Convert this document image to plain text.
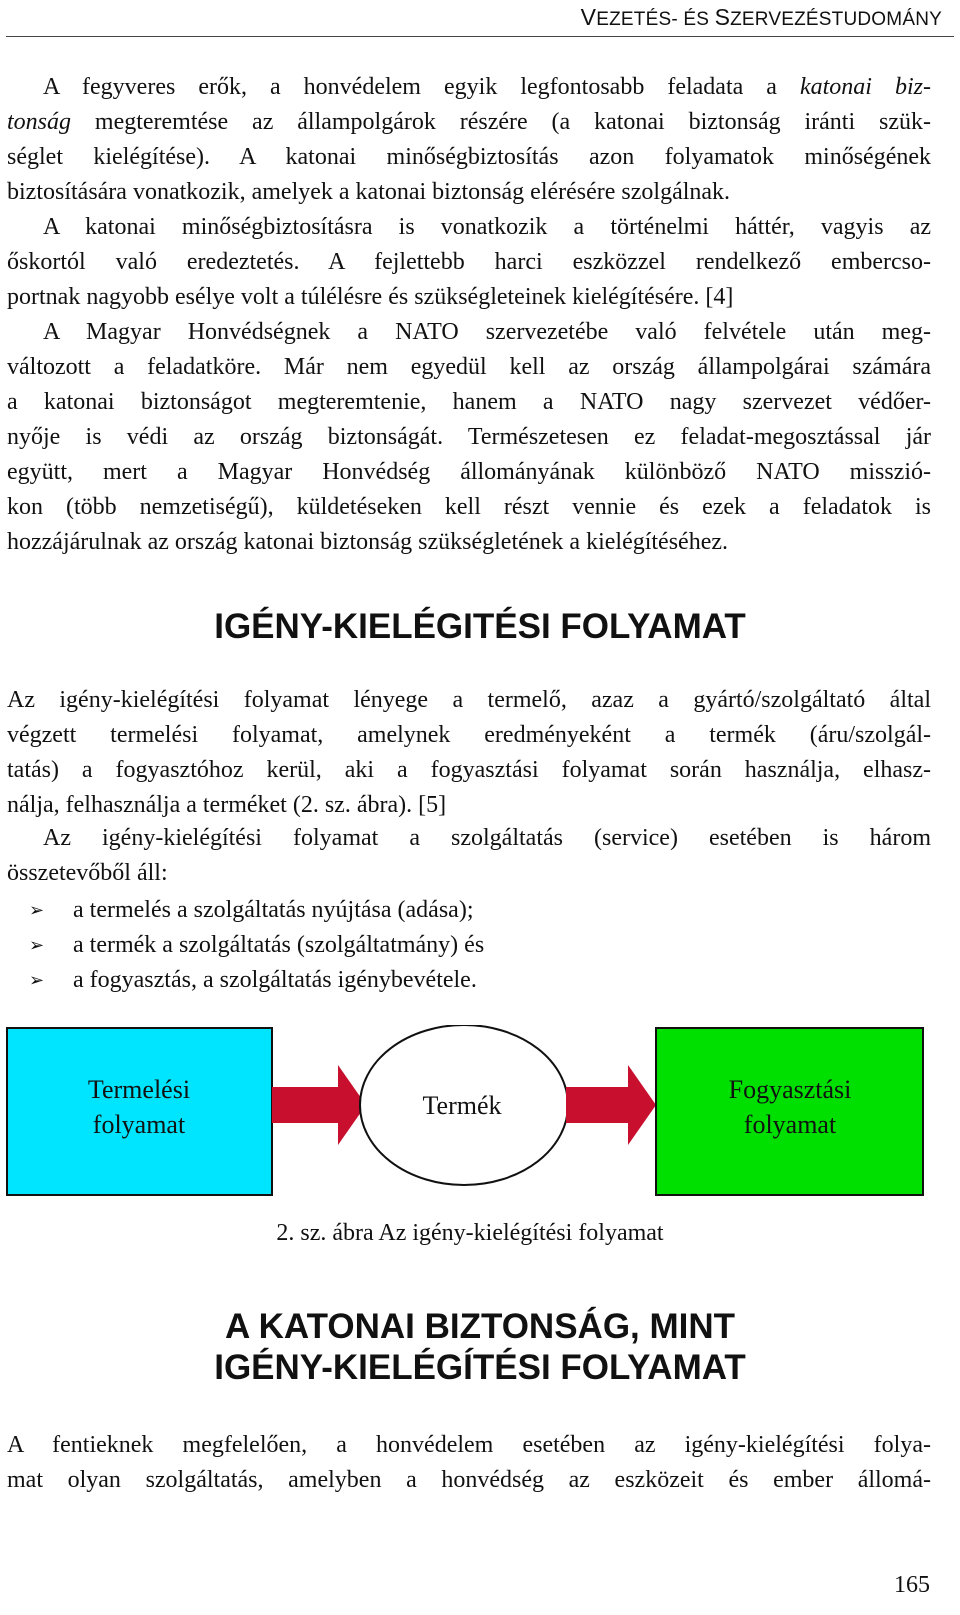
VEZETÉS- ÉS SZERVEZÉSTUDOMÁNY
A fegyveres erők, a honvédelem egyik legfontosabb feladata a katonai biz-
tonság megteremtése az állampolgárok részére (a katonai biztonság iránti szük-
séglet kielégítése). A katonai minőségbiztosítás azon folyamatok minőségének
biztosítására vonatkozik, amelyek a katonai biztonság elérésére szolgálnak.
A katonai minőségbiztosításra is vonatkozik a történelmi háttér, vagyis az
őskortól való eredeztetés. A fejlettebb harci eszközzel rendelkező embercso-
portnak nagyobb esélye volt a túlélésre és szükségleteinek kielégítésére. [4]
A Magyar Honvédségnek a NATO szervezetébe való felvétele után meg-
változott a feladatköre. Már nem egyedül kell az ország állampolgárai számára
a katonai biztonságot megteremtenie, hanem a NATO nagy szervezet védőer-
nyője is védi az ország biztonságát. Természetesen ez feladat-megosztással jár
együtt, mert a Magyar Honvédség állományának különböző NATO misszió-
kon (több nemzetiségű), küldetéseken kell részt vennie és ezek a feladatok is
hozzájárulnak az ország katonai biztonság szükségletének a kielégítéséhez.
IGÉNY-KIELÉGITÉSI FOLYAMAT
Az igény-kielégítési folyamat lényege a termelő, azaz a gyártó/szolgáltató által
végzett termelési folyamat, amelynek eredményeként a termék (áru/szolgál-
tatás) a fogyasztóhoz kerül, aki a fogyasztási folyamat során használja, elhasz-
nálja, felhasználja a terméket (2. sz. ábra). [5]
Az igény-kielégítési folyamat a szolgáltatás (service) esetében is három
összetevőből áll:
➢ a termelés a szolgáltatás nyújtása (adása);
➢ a termék a szolgáltatás (szolgáltatmány) és
➢ a fogyasztás, a szolgáltatás igénybevétele.
Termelési
folyamat
Termék
Fogyasztási
folyamat
2. sz. ábra Az igény-kielégítési folyamat
A KATONAI BIZTONSÁG, MINT
IGÉNY-KIELÉGÍTÉSI FOLYAMAT
A fentieknek megfelelően, a honvédelem esetében az igény-kielégítési folya-
mat olyan szolgáltatás, amelyben a honvédség az eszközeit és ember állomá-
165
